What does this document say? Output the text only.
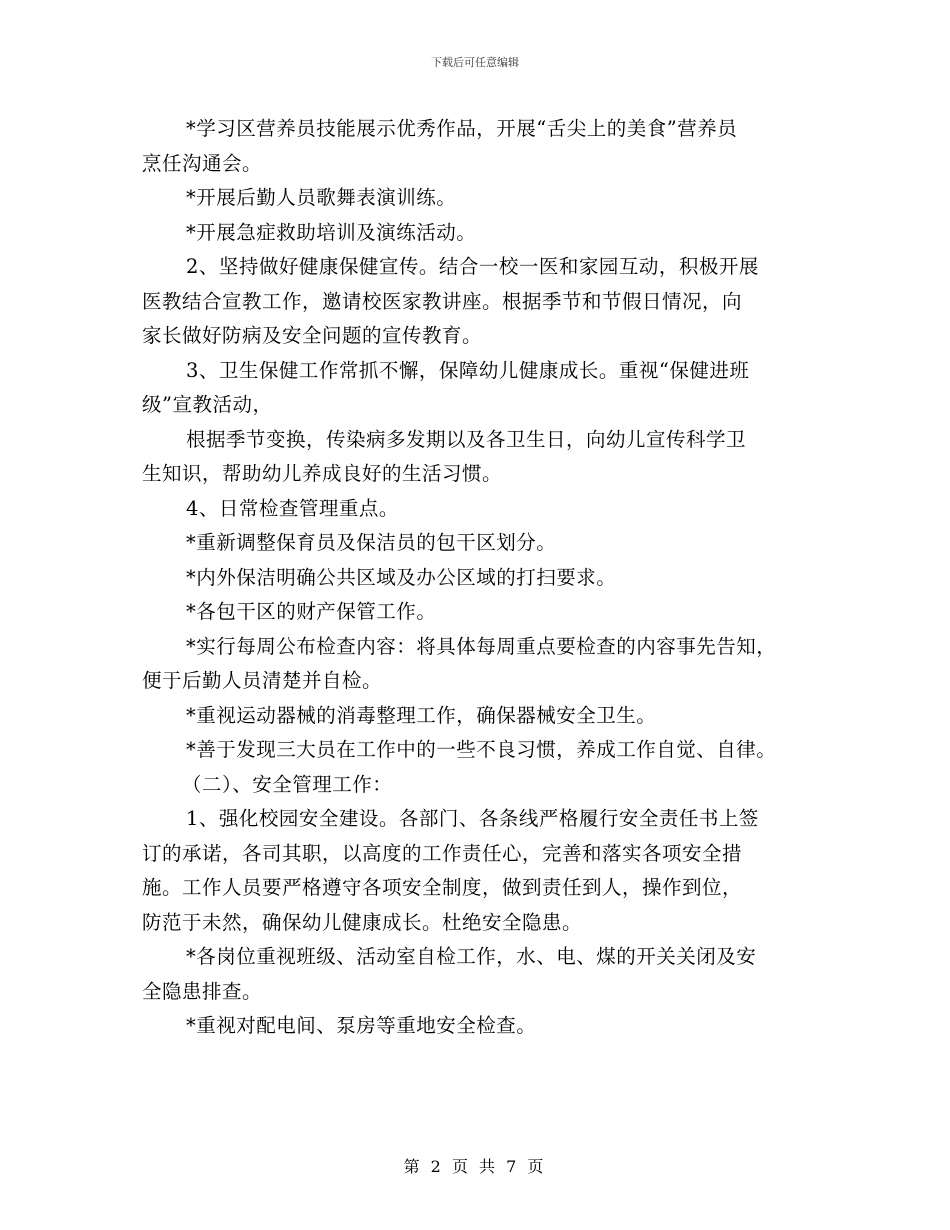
下载后可任意编辑
*学习区营养员技能展示优秀作品，开展“舌尖上的美食”营养员
烹任沟通会。
*开展后勤人员歌舞表演训练。
*开展急症救助培训及演练活动。
2、坚持做好健康保健宣传。结合一校一医和家园互动，积极开展
医教结合宣教工作，邀请校医家教讲座。根据季节和节假日情况，向
家长做好防病及安全问题的宣传教育。
3、卫生保健工作常抓不懈，保障幼儿健康成长。重视“保健进班
级”宣教活动，
根据季节变换，传染病多发期以及各卫生日，向幼儿宣传科学卫
生知识，帮助幼儿养成良好的生活习惯。
4、日常检查管理重点。
*重新调整保育员及保洁员的包干区划分。
*内外保洁明确公共区域及办公区域的打扫要求。
*各包干区的财产保管工作。
*实行每周公布检查内容：将具体每周重点要检查的内容事先告知，
便于后勤人员清楚并自检。
*重视运动器械的消毒整理工作，确保器械安全卫生。
*善于发现三大员在工作中的一些不良习惯，养成工作自觉、自律。
（二）、安全管理工作：
1、强化校园安全建设。各部门、各条线严格履行安全责任书上签
订的承诺，各司其职，以高度的工作责任心，完善和落实各项安全措
施。工作人员要严格遵守各项安全制度，做到责任到人，操作到位，
防范于未然，确保幼儿健康成长。杜绝安全隐患。
*各岗位重视班级、活动室自检工作，水、电、煤的开关关闭及安
全隐患排查。
*重视对配电间、泵房等重地安全检查。
第 2 页 共 7 页
